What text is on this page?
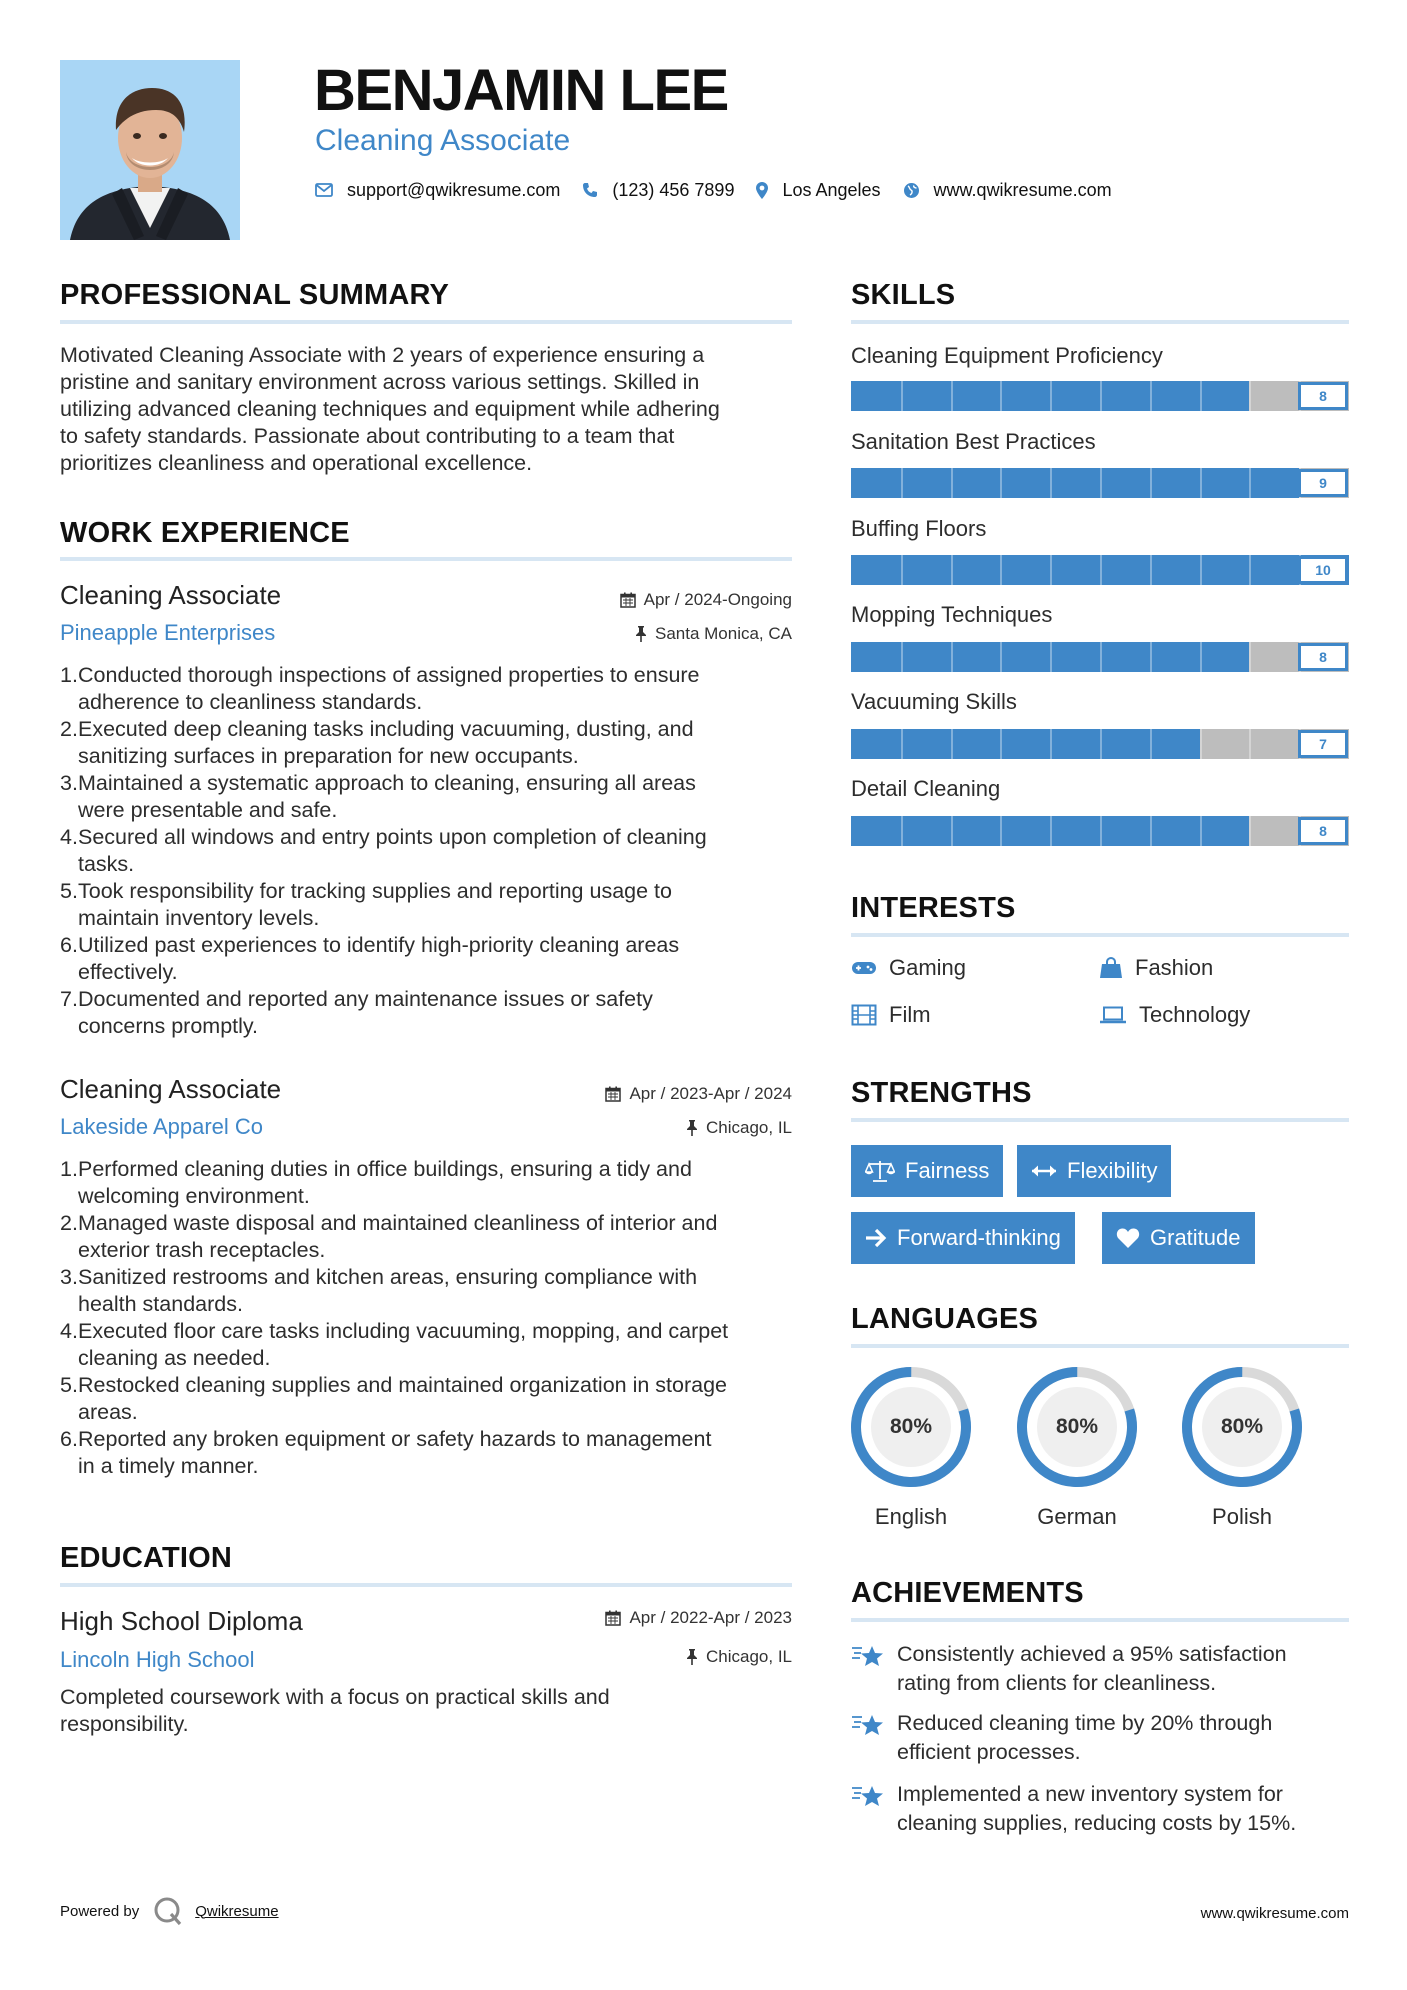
BENJAMIN LEE
Cleaning Associate
support@qwikresume.com	(123) 456 7899	Los Angeles	www.qwikresume.com
PROFESSIONAL SUMMARY
Motivated Cleaning Associate with 2 years of experience ensuring a
pristine and sanitary environment across various settings. Skilled in
utilizing advanced cleaning techniques and equipment while adhering
to safety standards. Passionate about contributing to a team that
prioritizes cleanliness and operational excellence.
WORK EXPERIENCE
Cleaning Associate
Pineapple Enterprises
Apr / 2024-Ongoing
Santa Monica, CA
1. Conducted thorough inspections of assigned properties to ensure
adherence to cleanliness standards.
2. Executed deep cleaning tasks including vacuuming, dusting, and
sanitizing surfaces in preparation for new occupants.
3. Maintained a systematic approach to cleaning, ensuring all areas
were presentable and safe.
4. Secured all windows and entry points upon completion of cleaning
tasks.
5. Took responsibility for tracking supplies and reporting usage to
maintain inventory levels.
6. Utilized past experiences to identify high-priority cleaning areas
effectively.
7. Documented and reported any maintenance issues or safety
concerns promptly.
Cleaning Associate
Lakeside Apparel Co
Apr / 2023-Apr / 2024
Chicago, IL
1. Performed cleaning duties in office buildings, ensuring a tidy and
welcoming environment.
2. Managed waste disposal and maintained cleanliness of interior and
exterior trash receptacles.
3. Sanitized restrooms and kitchen areas, ensuring compliance with
health standards.
4. Executed floor care tasks including vacuuming, mopping, and carpet
cleaning as needed.
5. Restocked cleaning supplies and maintained organization in storage
areas.
6. Reported any broken equipment or safety hazards to management
in a timely manner.
EDUCATION
High School Diploma
Lincoln High School
Apr / 2022-Apr / 2023
Chicago, IL
Completed coursework with a focus on practical skills and
responsibility.
SKILLS
Cleaning Equipment Proficiency
8
Sanitation Best Practices
9
Buffing Floors
10
Mopping Techniques
8
Vacuuming Skills
7
Detail Cleaning
8
INTERESTS
Gaming	Fashion
Film	Technology
STRENGTHS
Fairness	Flexibility
Forward-thinking	Gratitude
LANGUAGES
80%
English
80%
German
80%
Polish
ACHIEVEMENTS
Consistently achieved a 95% satisfaction
rating from clients for cleanliness.
Reduced cleaning time by 20% through
efficient processes.
Implemented a new inventory system for
cleaning supplies, reducing costs by 15%.
Powered by	Qwikresume	www.qwikresume.com
